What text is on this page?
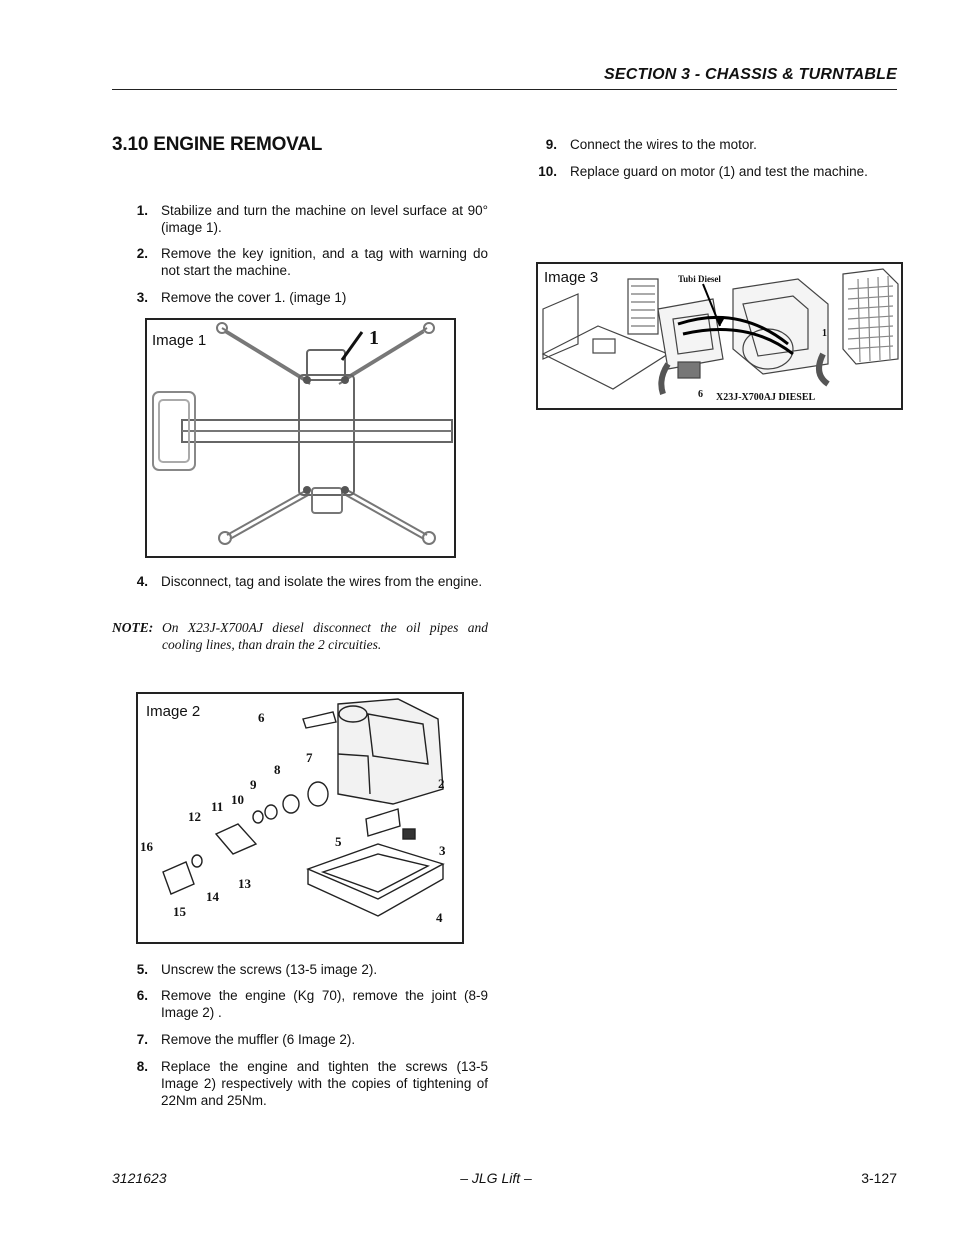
SECTION 3 - CHASSIS & TURNTABLE
3.10 ENGINE REMOVAL
1. Stabilize and turn the machine on level surface at 90° (image 1).
2. Remove the key ignition, and a tag with warning do not start the machine.
3. Remove the cover 1. (image 1)
Image 1	1
4. Disconnect, tag and isolate the wires from the engine.
NOTE: On X23J-X700AJ diesel disconnect the oil pipes and cooling lines, than drain the 2 circuities.
Image 2	6
7
8
9
10
11
12
16
14
13
15
5
3
2
4
5. Unscrew the screws (13-5 image 2).
6. Remove the engine (Kg 70), remove the joint (8-9 Image 2) .
7. Remove the muffler (6 Image 2).
8. Replace the engine and tighten the screws (13-5 Image 2) respectively with the copies of tightening of 22Nm and 25Nm.
9. Connect the wires to the motor.
10. Replace guard on motor (1) and test the machine.
Image 3	Tubi Diesel
6
1
X23J-X700AJ DIESEL
3121623	– JLG Lift –	3-127
